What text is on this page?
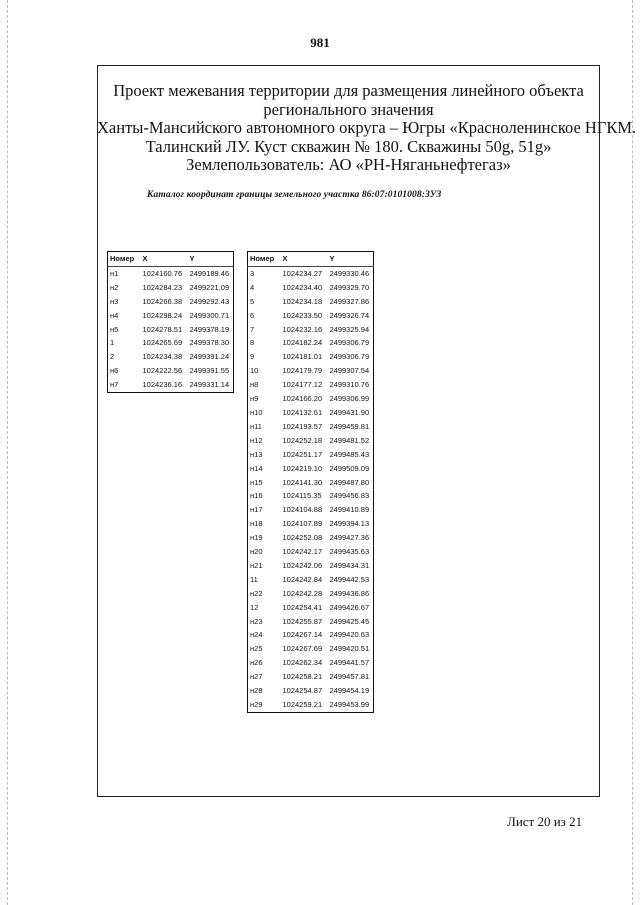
981
Проект межевания территории для размещения линейного объекта
регионального значения
Ханты-Мансийского автономного округа – Югры «Красноленинское НГКМ.
Талинский ЛУ. Куст скважин № 180. Скважины 50g, 51g»
Землепользователь: АО «РН-Няганьнефтегаз»
Каталог координат границы земельного участка 86:07:0101008:ЗУ3
Номер	X	Y
н1	1024160.76	2499189.46
н2	1024284.23	2499221.09
н3	1024266.38	2499292.43
н4	1024298.24	2499300.71
н5	1024278.51	2499378.19
1	1024265.69	2499378.30
2	1024234.38	2499391.24
н6	1024222.56	2499391.55
н7	1024236.16	2499331.14
Номер	X	Y
3	1024234.27	2499330.46
4	1024234.40	2499329.70
5	1024234.18	2499327.86
6	1024233.50	2499326.74
7	1024232.16	2499325.94
8	1024182.24	2499306.79
9	1024181.01	2499306.79
10	1024179.79	2499307.54
н8	1024177.12	2499310.76
н9	1024166.20	2499306.99
н10	1024132.61	2499431.90
н11	1024193.57	2499459.81
н12	1024252.18	2499481.52
н13	1024251.17	2499485.43
н14	1024219.10	2499509.09
н15	1024141.30	2499487.80
н16	1024115.35	2499456.83
н17	1024104.88	2499410.89
н18	1024107.89	2499394.13
н19	1024252.08	2499427.36
н20	1024242.17	2499435.63
н21	1024242.06	2499434.31
11	1024242.84	2499442.53
н22	1024242.28	2499436.86
12	1024254.41	2499426.67
н23	1024255.87	2499425.45
н24	1024267.14	2499420.63
н25	1024267.69	2499420.51
н26	1024262.34	2499441.57
н27	1024258.21	2499457.81
н28	1024254.87	2499454.19
н29	1024259.21	2499453.99
Лист 20 из 21
